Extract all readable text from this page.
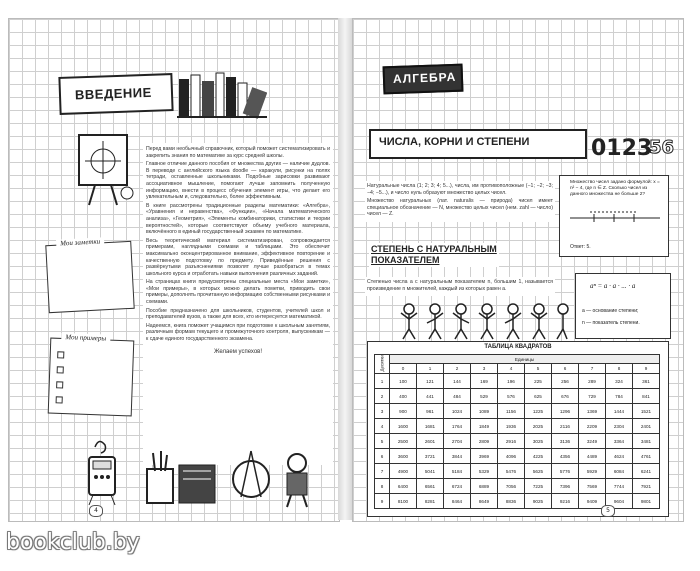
ВВЕДЕНИЕ

Перед вами необычный справочник, который поможет систематизировать и закрепить знания по математике за курс средней школы.

Главное отличие данного пособия от множества других — наличие дудлов. В переводе с английского языка doodle — каракули, рисунки на полях тетради, оставленные школьниками. Подобные зарисовки развивают ассоциативное мышление, помогают лучше запомнить полученную информацию, внести в процесс обучения элемент игры, что делает его увлекательным и, следовательно, более эффективным.

В книге рассмотрены традиционные разделы математики: «Алгебра», «Уравнения и неравенства», «Функции», «Начала математического анализа», «Геометрия», «Элементы комбинаторики, статистики и теории вероятностей», которые соответствуют объему учебного материала, включённого в единый государственный экзамен по математике.

Весь теоретический материал систематизирован, сопровождается примерами, наглядными схемами и таблицами. Это обеспечит максимально оконцентрированное внимание, эффективное повторение и качественную подготовку по предмету. Приведённые решения с развёрнутыми разъяснениями позволят лучше разобраться в темах школьного курса и отработать навыки выполнения различных заданий.

На страницах книги предусмотрены специальные места «Мои заметки», «Мои примеры», в которых можно делать пометки, приводить свои примеры, дополнять прочитанную информацию собственными рисунками и схемами.

Пособие предназначено для школьников, студентов, учителей школ и преподавателей вузов, а также для всех, кто интересуется математикой.

Надеемся, книга поможет учащимся при подготовке к школьным занятиям, различным формам текущего и промежуточного контроля, выпускникам — к сдаче единого государственного экзамена.

Желаем успехов!

Мои заметки
Мои примеры
4
АЛГЕБРА
ЧИСЛА, КОРНИ И СТЕПЕНИ	0123
56

Натуральные числа (1; 2; 3; 4; 5...), числа, им противоположные (−1; −2; −3; −4; −5...), и число нуль образуют множество целых чисел.

Множество натуральных (лат. naturalis — природа) чисел имеет специальное обозначение — N, множество целых чисел (нем. zahl — число) чисел — Z.

Множество чисел задано формулой: x = n² − 4, где n ∈ Z. Сколько чисел из данного множества не больше 2?
Ответ: 5.
СТЕПЕНЬ С НАТУРАЛЬНЫМ
ПОКАЗАТЕЛЕМ

Степенью числа a с натуральным показателем n, большим 1, называется произведение n множителей, каждый из которых равен a.	aⁿ = a · a · ... · a
a — основание степени;
n — показатель степени.
ТАБЛИЦА КВАДРАТОВ
Десятки	Единицы									
	0	1	2	3	4	5	6	7	8	9
1	100	121	144	169	196	225	256	289	324	361
2	400	441	484	529	576	625	676	729	784	841
3	900	961	1024	1089	1156	1225	1296	1369	1444	1521
4	1600	1681	1764	1849	1936	2025	2116	2209	2304	2401
5	2500	2601	2704	2809	2916	3025	3136	3249	3364	3481
6	3600	3721	3844	3969	4096	4225	4356	4489	4624	4761
7	4900	5041	5184	5329	5476	5625	5776	5929	6084	6241
8	6400	6561	6724	6889	7056	7225	7396	7569	7744	7921
9	8100	8281	8464	8649	8836	9025	9216	9409	9604	9801
5
bookclub.by
